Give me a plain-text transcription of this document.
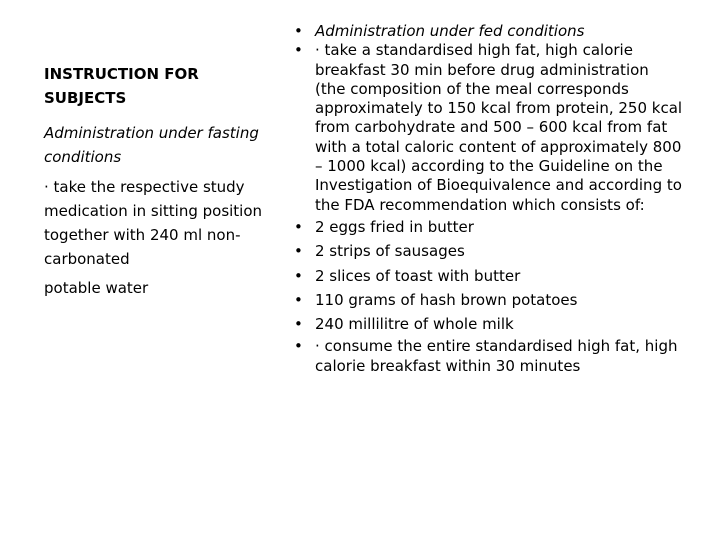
INSTRUCTION FOR SUBJECTS

Administration under fasting conditions

· take the respective study medication in sitting position together with 240 ml non-carbonated

potable water

• Administration under fed conditions
• · take a standardised high fat, high calorie breakfast 30 min before drug administration (the composition of the meal corresponds approximately to 150 kcal from protein, 250 kcal from carbohydrate and 500 – 600 kcal from fat with a total caloric content of approximately 800 – 1000 kcal) according to the Guideline on the Investigation of Bioequivalence and according to the FDA recommendation which consists of:
• 2 eggs fried in butter
• 2 strips of sausages
• 2 slices of toast with butter
• 110 grams of hash brown potatoes
• 240 millilitre of whole milk
• · consume the entire standardised high fat, high calorie breakfast within 30 minutes
